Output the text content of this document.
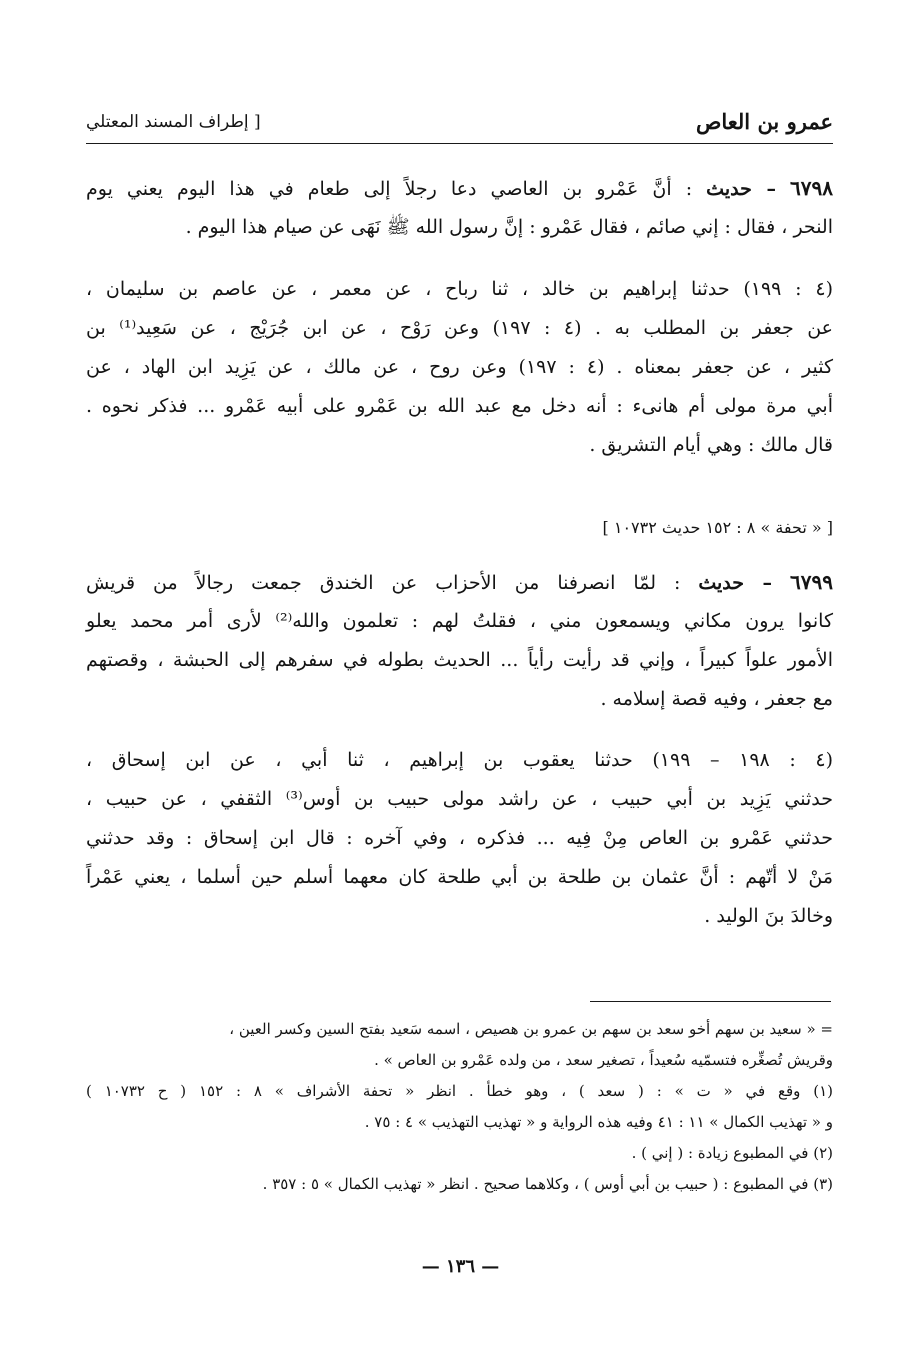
عمرو بن العاص
[ إطراف المسند المعتلي
٦٧٩٨ – حديث : أنَّ عَمْرو بن العاصي دعا رجلاً إلى طعام في هذا اليوم يعني يوم
النحر ، فقال : إني صائم ، فقال عَمْرو : إنَّ رسول الله ﷺ نَهَى عن صيام هذا اليوم .
(٤ : ١٩٩) حدثنا إبراهيم بن خالد ، ثنا رباح ، عن معمر ، عن عاصم بن سليمان ،
عن جعفر بن المطلب به . (٤ : ١٩٧) وعن رَوْح ، عن ابن جُرَيْج ، عن سَعِيد⁽¹⁾ بن
كثير ، عن جعفر بمعناه . (٤ : ١٩٧) وعن روح ، عن مالك ، عن يَزِيد ابن الهاد ، عن
أبي مرة مولى أم هانىء : أنه دخل مع عبد الله بن عَمْرو على أبيه عَمْرو ... فذكر نحوه .
قال مالك : وهي أيام التشريق .
[ « تحفة » ٨ : ١٥٢ حديث ١٠٧٣٢ ]
٦٧٩٩ – حديث : لمّا انصرفنا من الأحزاب عن الخندق جمعت رجالاً من قريش
كانوا يرون مكاني ويسمعون مني ، فقلتُ لهم : تعلمون والله⁽²⁾ لأرى أمر محمد يعلو
الأمور علواً كبيراً ، وإني قد رأيت رأياً ... الحديث بطوله في سفرهم إلى الحبشة ، وقصتهم
مع جعفر ، وفيه قصة إسلامه .
(٤ : ١٩٨ – ١٩٩) حدثنا يعقوب بن إبراهيم ، ثنا أبي ، عن ابن إسحاق ،
حدثني يَزِيد بن أبي حبيب ، عن راشد مولى حبيب بن أوس⁽³⁾ الثقفي ، عن حبيب ،
حدثني عَمْرو بن العاص مِنْ فِيه ... فذكره ، وفي آخره : قال ابن إسحاق : وقد حدثني
مَنْ لا أتّهم : أنَّ عثمان بن طلحة بن أبي طلحة كان معهما أسلم حين أسلما ، يعني عَمْراً
وخالدَ بنَ الوليد .
= « سعيد بن سهم أخو سعد بن سهم بن عمرو بن هصيص ، اسمه سَعيد بفتح السين وكسر العين ،
وقريش تُصغِّره فتسمّيه سُعيداً ، تصغير سعد ، من ولده عَمْرو بن العاص » .
(١) وقع في « ت » : ( سعد ) ، وهو خطأ . انظر « تحفة الأشراف » ٨ : ١٥٢ ( ح ١٠٧٣٢ )
و « تهذيب الكمال » ١١ : ٤١ وفيه هذه الرواية و « تهذيب التهذيب » ٤ : ٧٥ .
(٢) في المطبوع زيادة : ( إني ) .
(٣) في المطبوع : ( حبيب بن أبي أوس ) ، وكلاهما صحيح . انظر « تهذيب الكمال » ٥ : ٣٥٧ .
— ١٣٦ —
